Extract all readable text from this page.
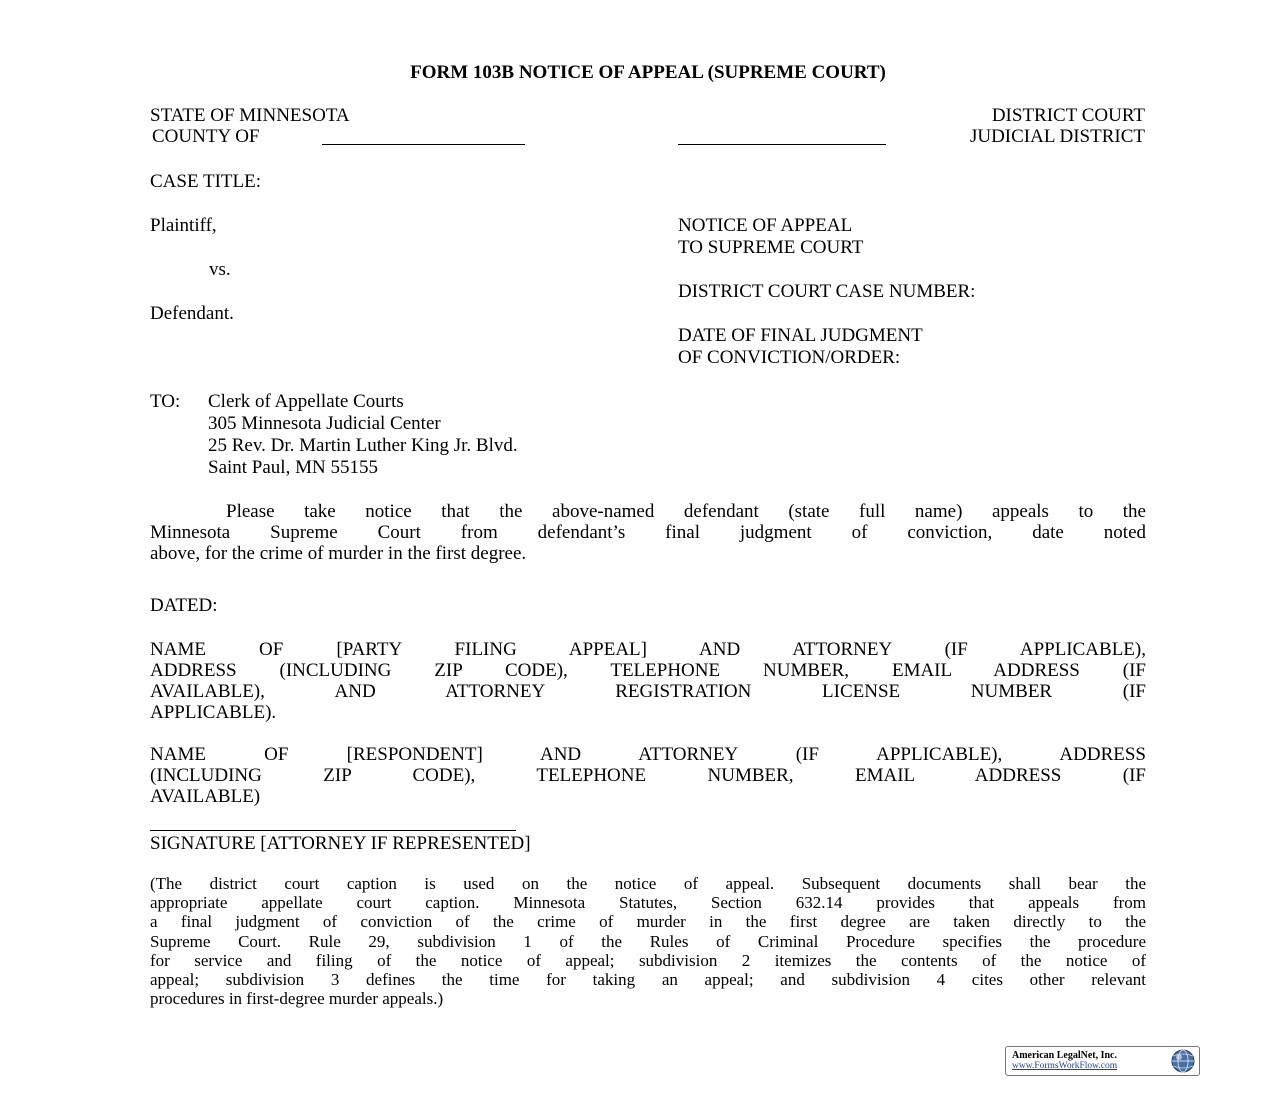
FORM 103B NOTICE OF APPEAL (SUPREME COURT)
STATE OF MINNESOTA
COUNTY OF
DISTRICT COURT
JUDICIAL DISTRICT
CASE TITLE:
Plaintiff,
vs.
Defendant.
NOTICE OF APPEAL
TO SUPREME COURT
DISTRICT COURT CASE NUMBER:
DATE OF FINAL JUDGMENT
OF CONVICTION/ORDER:
TO: Clerk of Appellate Courts
305 Minnesota Judicial Center
25 Rev. Dr. Martin Luther King Jr. Blvd.
Saint Paul, MN 55155
Please take notice that the above-named defendant (state full name) appeals to the
Minnesota Supreme Court from defendant’s final judgment of conviction, date noted
above, for the crime of murder in the first degree.
DATED:
NAME OF [PARTY FILING APPEAL] AND ATTORNEY (IF APPLICABLE),
ADDRESS (INCLUDING ZIP CODE), TELEPHONE NUMBER, EMAIL ADDRESS (IF
AVAILABLE), AND ATTORNEY REGISTRATION LICENSE NUMBER (IF
APPLICABLE).
NAME OF [RESPONDENT] AND ATTORNEY (IF APPLICABLE), ADDRESS
(INCLUDING ZIP CODE), TELEPHONE NUMBER, EMAIL ADDRESS (IF
AVAILABLE)
SIGNATURE [ATTORNEY IF REPRESENTED]
(The district court caption is used on the notice of appeal. Subsequent documents shall bear the
appropriate appellate court caption. Minnesota Statutes, Section 632.14 provides that appeals from
a final judgment of conviction of the crime of murder in the first degree are taken directly to the
Supreme Court. Rule 29, subdivision 1 of the Rules of Criminal Procedure specifies the procedure
for service and filing of the notice of appeal; subdivision 2 itemizes the contents of the notice of
appeal; subdivision 3 defines the time for taking an appeal; and subdivision 4 cites other relevant
procedures in first-degree murder appeals.)
American LegalNet, Inc.
www.FormsWorkFlow.com
